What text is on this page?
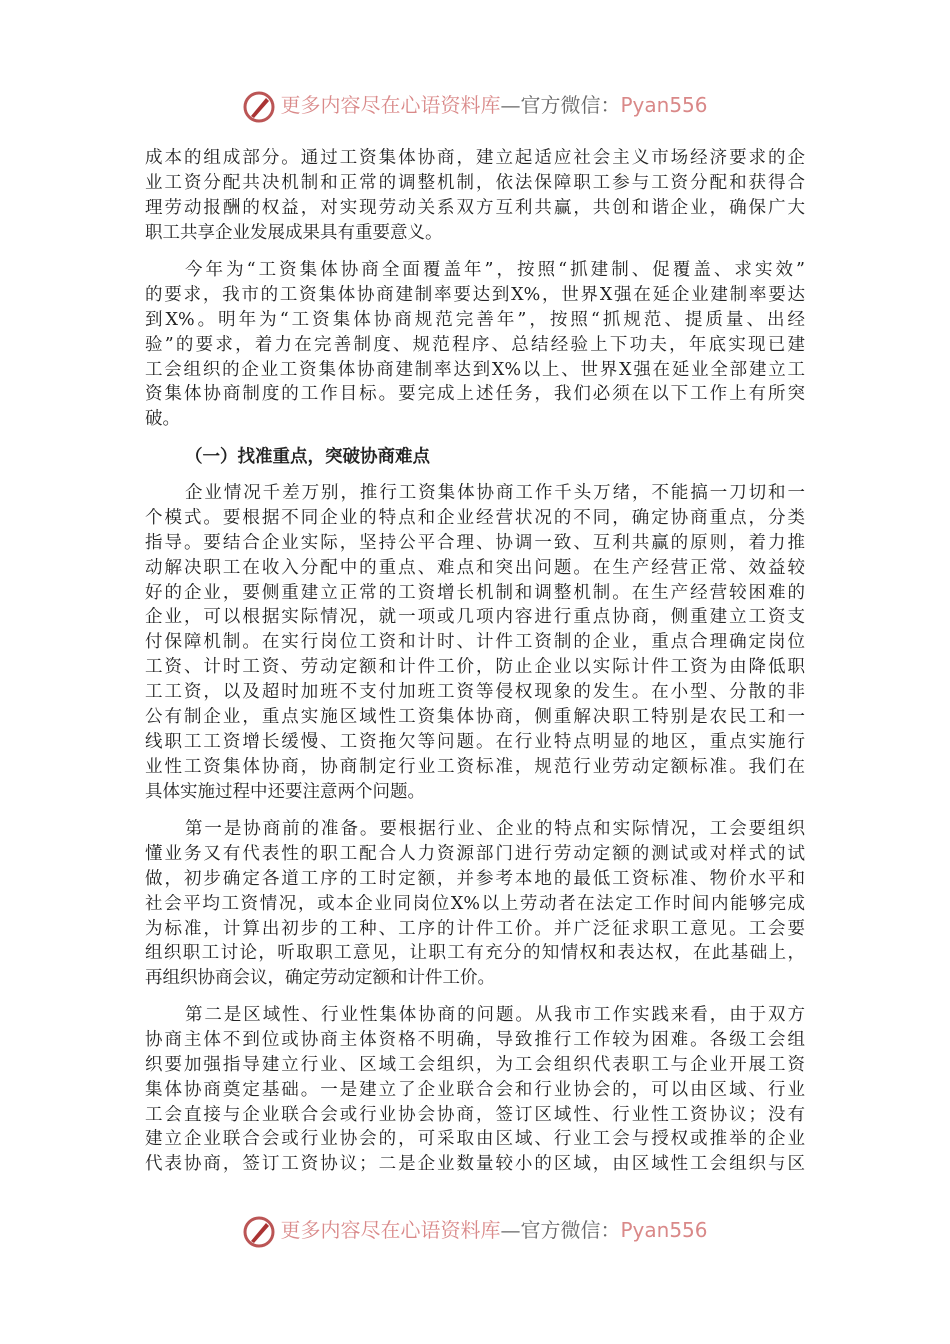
更多内容尽在心语资料库—官方微信：Pyan556
（一）找准重点，突破协商难点
成本的组成部分。通过工资集体协商，建立起适应社会主义市场经济要求的企
业工资分配共决机制和正常的调整机制，依法保障职工参与工资分配和获得合
理劳动报酬的权益，对实现劳动关系双方互利共赢，共创和谐企业，确保广大
职工共享企业发展成果具有重要意义。
今年为“工资集体协商全面覆盖年”，按照“抓建制、促覆盖、求实效”
的要求，我市的工资集体协商建制率要达到X%，世界X强在延企业建制率要达
到X%。明年为“工资集体协商规范完善年”，按照“抓规范、提质量、出经
验”的要求，着力在完善制度、规范程序、总结经验上下功夫，年底实现已建
工会组织的企业工资集体协商建制率达到X%以上、世界X强在延业全部建立工
资集体协商制度的工作目标。要完成上述任务，我们必须在以下工作上有所突
破。
企业情况千差万别，推行工资集体协商工作千头万绪，不能搞一刀切和一
个模式。要根据不同企业的特点和企业经营状况的不同，确定协商重点，分类
指导。要结合企业实际，坚持公平合理、协调一致、互利共赢的原则，着力推
动解决职工在收入分配中的重点、难点和突出问题。在生产经营正常、效益较
好的企业，要侧重建立正常的工资增长机制和调整机制。在生产经营较困难的
企业，可以根据实际情况，就一项或几项内容进行重点协商，侧重建立工资支
付保障机制。在实行岗位工资和计时、计件工资制的企业，重点合理确定岗位
工资、计时工资、劳动定额和计件工价，防止企业以实际计件工资为由降低职
工工资，以及超时加班不支付加班工资等侵权现象的发生。在小型、分散的非
公有制企业，重点实施区域性工资集体协商，侧重解决职工特别是农民工和一
线职工工资增长缓慢、工资拖欠等问题。在行业特点明显的地区，重点实施行
业性工资集体协商，协商制定行业工资标准，规范行业劳动定额标准。我们在
具体实施过程中还要注意两个问题。
第一是协商前的准备。要根据行业、企业的特点和实际情况，工会要组织
懂业务又有代表性的职工配合人力资源部门进行劳动定额的测试或对样式的试
做，初步确定各道工序的工时定额，并参考本地的最低工资标准、物价水平和
社会平均工资情况，或本企业同岗位X%以上劳动者在法定工作时间内能够完成
为标准，计算出初步的工种、工序的计件工价。并广泛征求职工意见。工会要
组织职工讨论，听取职工意见，让职工有充分的知情权和表达权，在此基础上，
再组织协商会议，确定劳动定额和计件工价。
第二是区域性、行业性集体协商的问题。从我市工作实践来看，由于双方
协商主体不到位或协商主体资格不明确，导致推行工作较为困难。各级工会组
织要加强指导建立行业、区域工会组织，为工会组织代表职工与企业开展工资
集体协商奠定基础。一是建立了企业联合会和行业协会的，可以由区域、行业
工会直接与企业联合会或行业协会协商，签订区域性、行业性工资协议；没有
建立企业联合会或行业协会的，可采取由区域、行业工会与授权或推举的企业
代表协商，签订工资协议；二是企业数量较小的区域，由区域性工会组织与区
更多内容尽在心语资料库—官方微信：Pyan556
